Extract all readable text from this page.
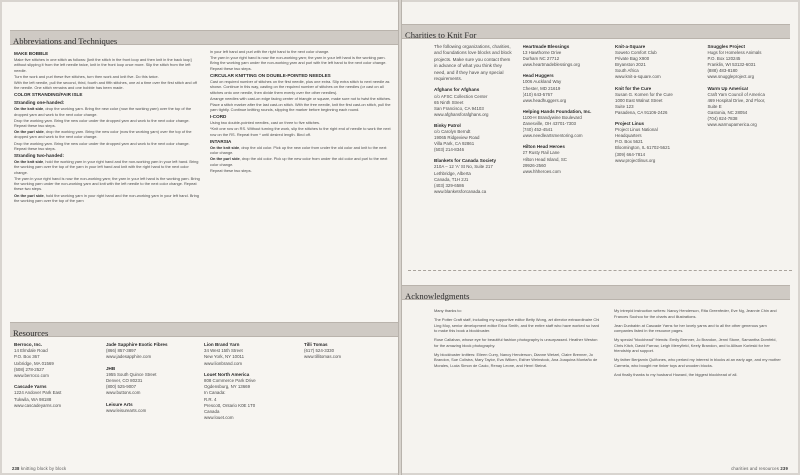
Abbreviations and Techniques
MAKE BOBBLE

Make five stitches in one stitch as follows: [knit the stitch in the front loop and then knit in the back loop] without slipping it from the left needle twice, knit in the front loop once more. Slip the stitch from the left needle.

Turn the work and purl these five stitches, turn then work and knit five. Do this twice.

With the left needle, pull the second, third, fourth and fifth stitches, one at a time over the first stitch and off the needle. One stitch remains and one bobble has been made.

COLOR STRANDING/FAIR ISLE
Stranding one-handed:

On the knit side, drop the working yarn. Bring the new color (now the working yarn) over the top of the dropped yarn and work to the next color change.

Drop the working yarn. Bring the new color under the dropped yarn and work to the next color change. Repeat these two steps.

On the purl side, drop the working yarn. Bring the new color (now the working yarn) over the top of the dropped yarn and work to the next color change.

Drop the working yarn. Bring the new color under the dropped yarn and work to the next color change. Repeat these two steps.

Stranding two-handed:

On the knit side, hold the working yarn in your right hand and the non-working yarn in your left hand. Bring the working yarn over the top of the yarn in your left hand and knit with the right hand to the next color change.

The yarn in your right hand is now the non-working yarn; the yarn in your left hand is the working yarn. Bring the working yarn under the non-working yarn and knit with the left needle to the next color change. Repeat these two steps.

On the purl side, hold the working yarn in your right hand and the non-working yarn in your left hand. Bring the working yarn over the top of the yarn

in your left hand and purl with the right hand to the next color change.

The yarn in your right hand is now the non-working yarn; the yarn in your left hand is the working yarn. Bring the working yarn under the non-working yarn and purl with the left hand to the next color change. Repeat these two steps.

CIRCULAR KNITTING ON DOUBLE-POINTED NEEDLES

Cast on required number of stitches on the first needle, plus one extra. Slip extra stitch to next needle as shown. Continue in this way, casting on the required number of stitches on the needles (or cast on all stitches onto one needle, then divide them evenly over the other needles).

Arrange needles with cast-on edge facing center of triangle or square, make sure not to twist the stitches.

Place a stitch marker after the last cast-on stitch. With the free needle, knit the first cast-on stitch, pull the yarn tightly. Continue knitting rounds, slipping the marker before beginning each round.

I-CORD

Using two double-pointed needles, cast on three to five stitches.

*Knit one row on RS. Without turning the work, slip the stitches to the right end of needle to work the next row on the RS. Repeat from * until desired length. Bind off.

INTARSIA

On the knit side, drop the old color. Pick up the new color from under the old color and knit to the next color change.

On the purl side, drop the old color. Pick up the new color from under the old color and purl to the next color change.

Repeat these two steps.

Resources
Berroco, Inc.
14 Elmdale Road
P.O. Box 367
Uxbridge, MA 01569
(508) 278-2527
www.berroco.com
Cascade Yarns
1224 Andover Park East
Tukwila, WA 98188
www.cascadeyarns.com
Jade Sapphire Exotic Fibres
(866) 857-3897
www.jadesapphire.com
JHB
1955 South Quince Street
Denver, CO 80231
(800) 525-9007
www.buttons.com
Leisure Arts
www.leisurearts.com
Lion Brand Yarn
34 West 15th Street
New York, NY 10011
www.lionbrand.com
Louet North America
808 Commerce Park Drive
Ogdensburg, NY 13669
In Canada:
R.R. 4
Prescott, Ontario K0E 1T0
Canada
www.louet.com
Tilli Tomas
(617) 524-3330
www.tillitomas.com
238 knitting block by block
Charities to Knit For
The following organizations, charities, and foundations love blocks and block projects. Make sure you contact them in advance of what you think they need, and if they have any special requirements.
Afghans for Afghans
c/o AFSC Collection Center
65 Ninth Street
San Francisco, CA 94103
www.afghansforafghans.org
Binky Patrol
c/o Carolyn Berndt
19065 Ridgeview Road
Villa Park, CA 92861
(503) 214-8346
Blankets for Canada Society
210A – 12 'A' St No, Suite 217
Lethbridge, Alberta
Canada, T1H 2J1
(403) 329-6586
www.blanketsforcanada.ca
Heartmade Blessings
13 Hawthorne Drive
Durham NC 27712
www.heartmadeblessings.org
Head Huggers
1006 Auckland Way
Chester, MD 21619
(410) 643-5767
www.headhuggers.org
Helping Hands Foundation, Inc.
1100-H Brandywine Boulevard
Zanesville, OH 43701-7303
(740) 452-4541
www.needleartsmentoring.com
Hilton Head Heroes
27 Rusty Rail Lane
Hilton Head Island, SC
29926-2560
www.hhheroes.com
Knit-a-Square
Soweto Comfort Club
Private Bag X900
Bryanston 2021
South Africa
www.knit-a-square.com
Knit for the Cure
Susan G. Komen for the Cure
1000 East Walnut Street
Suite 123
Pasadena, CA 91106-2426
Project Linus
Project Linus National
Headquarters
P.O. Box 5621
Bloomington, IL 61702-5621
(309) 664-7814
www.projectlinus.org
Snuggles Project
Hugs for Homeless Animals
P.O. Box 120245
Franklin, WI 53132-6031
(888) 483-8180
www.snuggleproject.org
Warm Up America!
Craft Yarn Council of America
469 Hospital Drive, 2nd Floor,
Suite E
Gastonia, NC 28054
(704) 824-7838
www.warmupamerica.org
Acknowledgments

Many thanks to:

The Potter Craft staff, including my supportive editor Betty Wong, art director extraordinaire Chi Ling Moy, senior development editor Erica Smith, and the entire staff who have worked so hard to make this book a blockbuster.

Rose Callahan, whose eye for beautiful fashion photography is unsurpassed. Heather Weston for the amazing block photography.

My blockbuster knitters: Eileen Curry, Nancy Henderson, Dianne Wetzel, Claire Brenner, Jo Brandon, Sue Colistra, Mary Taylor, Eva Wilken, Esther Weinstock, Ana Joaquina Montaño de Morales, Lucia Simon de Cacio, Renay Leone, and Henri Steinzi.

My intrepid instruction writers: Nancy Henderson, Rita Greenfeder, Eve Ng, Jeannie Chin and Frances Soohoo for the charts and illustrations.

Jean Dunbabin at Cascade Yarns for her lovely yarns and to all the other generous yarn companies listed in the resource pages.

My special "blockhead" friends: Emily Brenner, Jo Brandon, Jenni Stone, Samantha Dornfeld, Chris Kitch, David Farrow, Leigh Merryfield, Keely Brandon, and to Allison Korleski for her friendship and support.

My father Benjamin Quiñones, who perked my interest in blocks at an early age, and my mother Carmela, who bought me tinker toys and wooden blocks.

And finally thanks to my husband Howard, the biggest blockhead of all.

charities and resources 239
